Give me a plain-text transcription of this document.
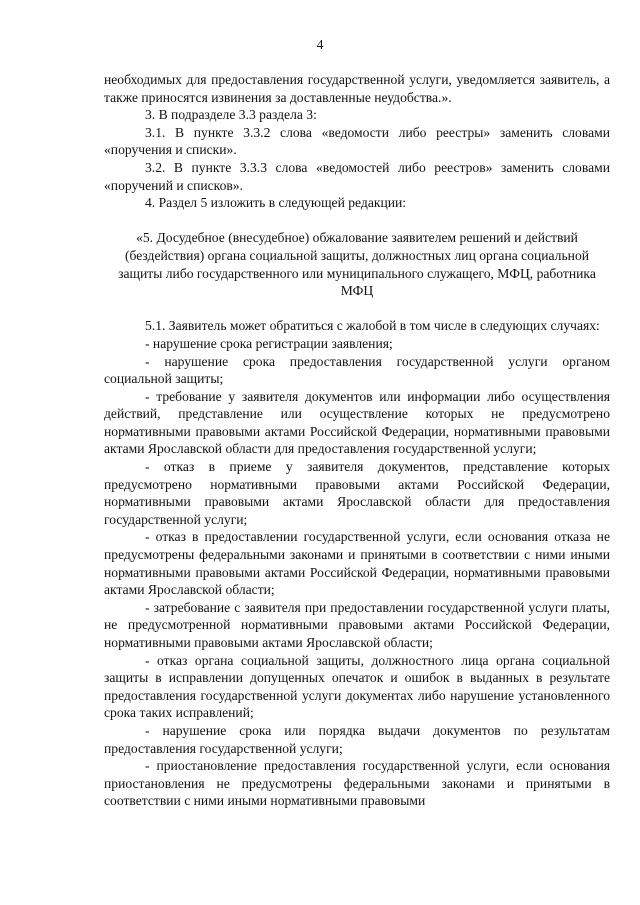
4

необходимых для предоставления государственной услуги, уведомляется заявитель, а также приносятся извинения за доставленные неудобства.».

3. В подразделе 3.3 раздела 3:

3.1. В пункте 3.3.2 слова «ведомости либо реестры» заменить словами «поручения и списки».

3.2. В пункте 3.3.3 слова «ведомостей либо реестров» заменить словами «поручений и списков».

4. Раздел 5 изложить в следующей редакции:

«5. Досудебное (внесудебное) обжалование заявителем решений и действий (бездействия) органа социальной защиты, должностных лиц органа социальной защиты либо государственного или муниципального служащего, МФЦ, работника МФЦ

5.1. Заявитель может обратиться с жалобой в том числе в следующих случаях:

- нарушение срока регистрации заявления;

- нарушение срока предоставления государственной услуги органом социальной защиты;

- требование у заявителя документов или информации либо осуществления действий, представление или осуществление которых не предусмотрено нормативными правовыми актами Российской Федерации, нормативными правовыми актами Ярославской области для предоставления государственной услуги;

- отказ в приеме у заявителя документов, представление которых предусмотрено нормативными правовыми актами Российской Федерации, нормативными правовыми актами Ярославской области для предоставления государственной услуги;

- отказ в предоставлении государственной услуги, если основания отказа не предусмотрены федеральными законами и принятыми в соответствии с ними иными нормативными правовыми актами Российской Федерации, нормативными правовыми актами Ярославской области;

- затребование с заявителя при предоставлении государственной услуги платы, не предусмотренной нормативными правовыми актами Российской Федерации, нормативными правовыми актами Ярославской области;

- отказ органа социальной защиты, должностного лица органа социальной защиты в исправлении допущенных опечаток и ошибок в выданных в результате предоставления государственной услуги документах либо нарушение установленного срока таких исправлений;

- нарушение срока или порядка выдачи документов по результатам предоставления государственной услуги;

- приостановление предоставления государственной услуги, если основания приостановления не предусмотрены федеральными законами и принятыми в соответствии с ними иными нормативными правовыми
